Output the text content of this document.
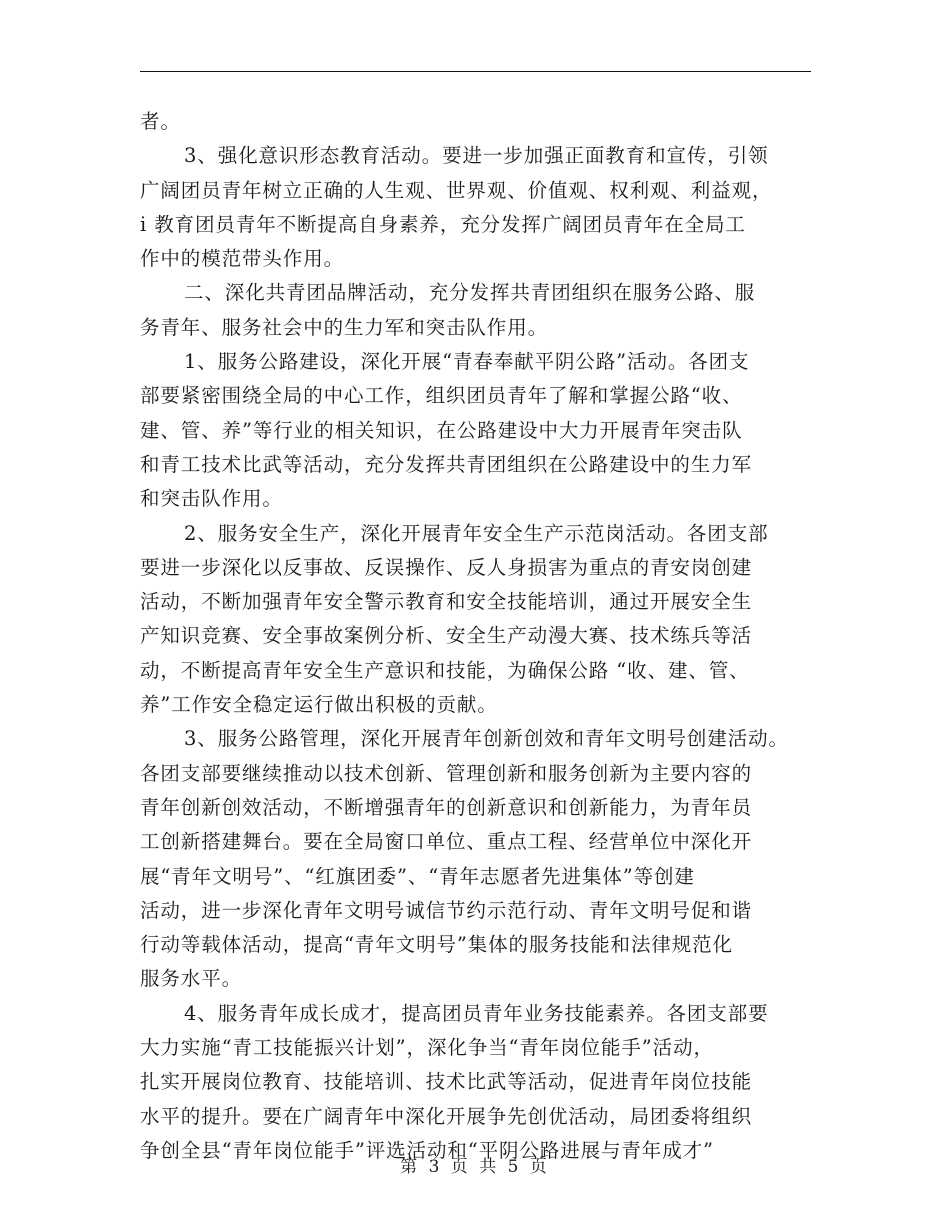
者。
3、强化意识形态教育活动。要进一步加强正面教育和宣传，引领
广阔团员青年树立正确的人生观、世界观、价值观、权利观、利益观，
i 教育团员青年不断提高自身素养，充分发挥广阔团员青年在全局工
作中的模范带头作用。
二、深化共青团品牌活动，充分发挥共青团组织在服务公路、服
务青年、服务社会中的生力军和突击队作用。
1、服务公路建设，深化开展“青春奉献平阴公路”活动。各团支
部要紧密围绕全局的中心工作，组织团员青年了解和掌握公路“收、
建、管、养”等行业的相关知识，在公路建设中大力开展青年突击队
和青工技术比武等活动，充分发挥共青团组织在公路建设中的生力军
和突击队作用。
2、服务安全生产，深化开展青年安全生产示范岗活动。各团支部
要进一步深化以反事故、反误操作、反人身损害为重点的青安岗创建
活动，不断加强青年安全警示教育和安全技能培训，通过开展安全生
产知识竞赛、安全事故案例分析、安全生产动漫大赛、技术练兵等活
动，不断提高青年安全生产意识和技能，为确保公路 “收、建、管、
养”工作安全稳定运行做出积极的贡献。
3、服务公路管理，深化开展青年创新创效和青年文明号创建活动。
各团支部要继续推动以技术创新、管理创新和服务创新为主要内容的
青年创新创效活动，不断增强青年的创新意识和创新能力，为青年员
工创新搭建舞台。要在全局窗口单位、重点工程、经营单位中深化开
展“青年文明号”、“红旗团委”、“青年志愿者先进集体”等创建
活动，进一步深化青年文明号诚信节约示范行动、青年文明号促和谐
行动等载体活动，提高“青年文明号”集体的服务技能和法律规范化
服务水平。
4、服务青年成长成才，提高团员青年业务技能素养。各团支部要
大力实施“青工技能振兴计划”，深化争当“青年岗位能手”活动，
扎实开展岗位教育、技能培训、技术比武等活动，促进青年岗位技能
水平的提升。要在广阔青年中深化开展争先创优活动，局团委将组织
争创全县“青年岗位能手”评选活动和“平阴公路进展与青年成才”
第 3 页 共 5 页
